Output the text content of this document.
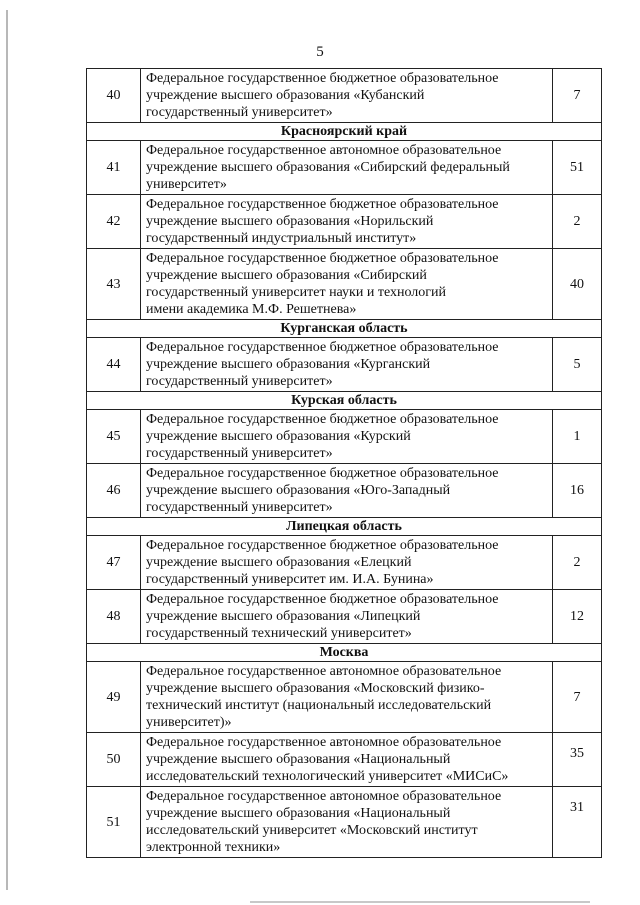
5
40	Федеральное государственное бюджетное образовательное
учреждение высшего образования «Кубанский
государственный университет»	7
Красноярский край		
41	Федеральное государственное автономное образовательное
учреждение высшего образования «Сибирский федеральный
университет»	51
42	Федеральное государственное бюджетное образовательное
учреждение высшего образования «Норильский
государственный индустриальный институт»	2
43	Федеральное государственное бюджетное образовательное
учреждение высшего образования «Сибирский
государственный университет науки и технологий
имени академика М.Ф. Решетнева»	40
Курганская область		
44	Федеральное государственное бюджетное образовательное
учреждение высшего образования «Курганский
государственный университет»	5
Курская область		
45	Федеральное государственное бюджетное образовательное
учреждение высшего образования «Курский
государственный университет»	1
46	Федеральное государственное бюджетное образовательное
учреждение высшего образования «Юго-Западный
государственный университет»	16
Липецкая область		
47	Федеральное государственное бюджетное образовательное
учреждение высшего образования «Елецкий
государственный университет им. И.А. Бунина»	2
48	Федеральное государственное бюджетное образовательное
учреждение высшего образования «Липецкий
государственный технический университет»	12
Москва		
49	Федеральное государственное автономное образовательное
учреждение высшего образования «Московский физико-
технический институт (национальный исследовательский
университет)»	7
50	Федеральное государственное автономное образовательное
учреждение высшего образования «Национальный
исследовательский технологический университет «МИСиС»	35
51	Федеральное государственное автономное образовательное
учреждение высшего образования «Национальный
исследовательский университет «Московский институт
электронной техники»	31
